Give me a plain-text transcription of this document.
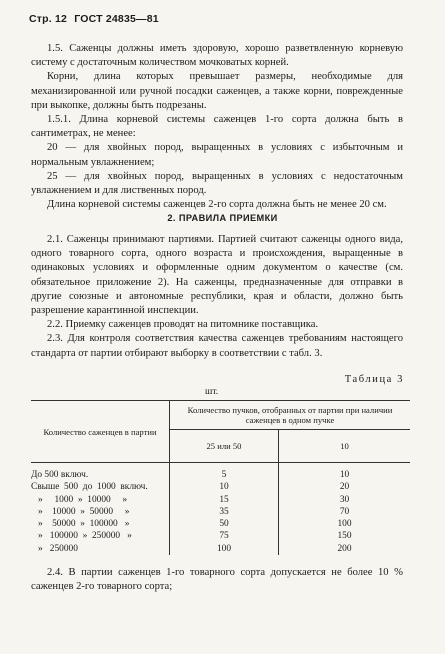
Стр. 12 ГОСТ 24835—81

1.5. Саженцы должны иметь здоровую, хорошо разветвленную корневую систему с достаточным количеством мочковатых корней.

Корни, длина которых превышает размеры, необходимые для механизированной или ручной посадки саженцев, а также корни, поврежденные при выкопке, должны быть подрезаны.

1.5.1. Длина корневой системы саженцев 1-го сорта должна быть в сантиметрах, не менее:

20 — для хвойных пород, выращенных в условиях с избыточным и нормальным увлажнением;

25 — для хвойных пород, выращенных в условиях с недостаточным увлажнением и для лиственных пород.

Длина корневой системы саженцев 2-го сорта должна быть не менее 20 см.

2. ПРАВИЛА ПРИЕМКИ

2.1. Саженцы принимают партиями. Партией считают саженцы одного вида, одного товарного сорта, одного возраста и происхождения, выращенные в одинаковых условиях и оформленные одним документом о качестве (см. обязательное приложение 2). На саженцы, предназначенные для отправки в другие союзные и автономные республики, края и области, должно быть разрешение карантинной инспекции.

2.2. Приемку саженцев проводят на питомнике поставщика.

2.3. Для контроля соответствия качества саженцев требованиям настоящего стандарта от партии отбирают выборку в соответствии с табл. 3.

Таблица 3
шт.
Количество саженцев в партии	Количество пучков, отобранных от партии при наличии саженцев в одном пучке	
	25 или 50	10
До 500 включ.	5	10
Свыше  500  до  1000  включ.	10	20
»     1000  »  10000     »	15	30
»    10000  »  50000     »	35	70
»    50000  »  100000   »	50	100
»   100000  »  250000   »	75	150
»   250000	100	200

2.4. В партии саженцев 1-го товарного сорта допускается не более 10 % саженцев 2-го товарного сорта;
